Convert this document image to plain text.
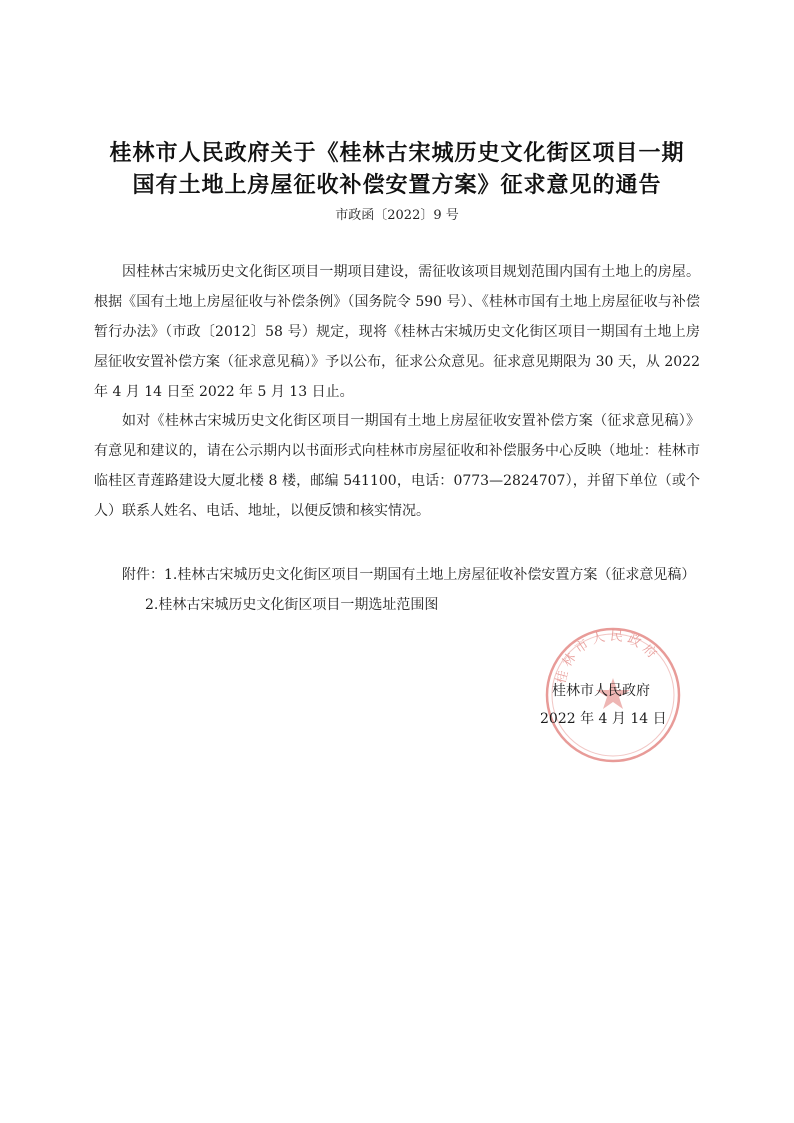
桂林市人民政府关于《桂林古宋城历史文化街区项目一期
国有土地上房屋征收补偿安置方案》征求意见的通告
市政函〔2022〕9 号

因桂林古宋城历史文化街区项目一期项目建设，需征收该项目规划范围内国有土地上的房屋。根据《国有土地上房屋征收与补偿条例》（国务院令 590 号）、《桂林市国有土地上房屋征收与补偿暂行办法》（市政〔2012〕58 号）规定，现将《桂林古宋城历史文化街区项目一期国有土地上房屋征收安置补偿方案（征求意见稿）》予以公布，征求公众意见。征求意见期限为 30 天，从 2022 年 4 月 14 日至 2022 年 5 月 13 日止。

如对《桂林古宋城历史文化街区项目一期国有土地上房屋征收安置补偿方案（征求意见稿）》有意见和建议的，请在公示期内以书面形式向桂林市房屋征收和补偿服务中心反映（地址：桂林市临桂区青莲路建设大厦北楼 8 楼，邮编 541100，电话：0773—2824707），并留下单位（或个人）联系人姓名、电话、地址，以便反馈和核实情况。

附件：1.桂林古宋城历史文化街区项目一期国有土地上房屋征收补偿安置方案（征求意见稿）
2.桂林古宋城历史文化街区项目一期选址范围图
桂林市人民政府
桂林市人民政府
2022 年 4 月 14 日
